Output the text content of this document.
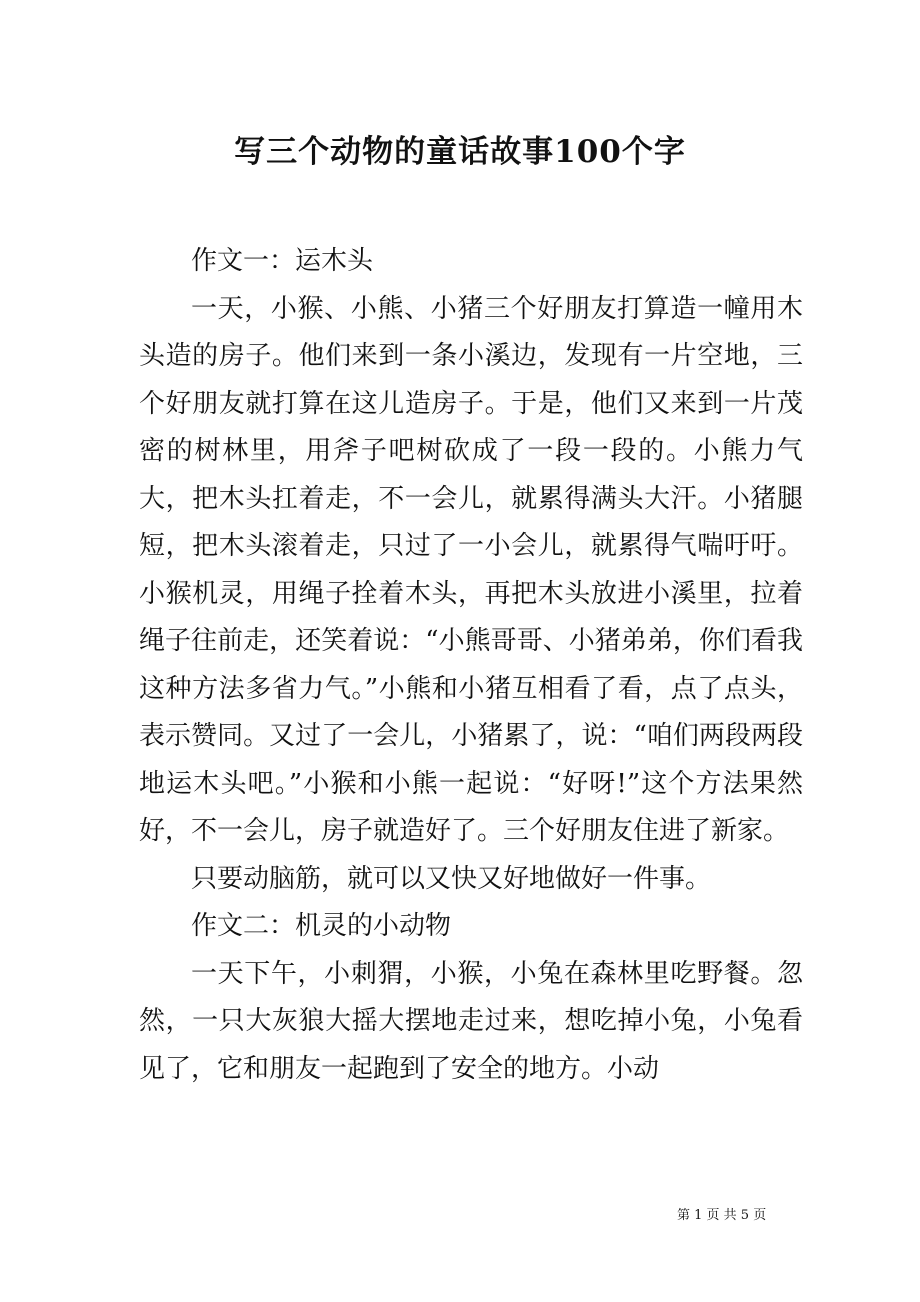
写三个动物的童话故事100个字

作文一：运木头

一天，小猴、小熊、小猪三个好朋友打算造一幢用木头造的房子。他们来到一条小溪边，发现有一片空地，三个好朋友就打算在这儿造房子。于是，他们又来到一片茂密的树林里，用斧子吧树砍成了一段一段的。小熊力气大，把木头扛着走，不一会儿，就累得满头大汗。小猪腿短，把木头滚着走，只过了一小会儿，就累得气喘吁吁。小猴机灵，用绳子拴着木头，再把木头放进小溪里，拉着绳子往前走，还笑着说：“小熊哥哥、小猪弟弟，你们看我这种方法多省力气。”小熊和小猪互相看了看，点了点头，表示赞同。又过了一会儿，小猪累了，说：“咱们两段两段地运木头吧。”小猴和小熊一起说：“好呀!”这个方法果然好，不一会儿，房子就造好了。三个好朋友住进了新家。

只要动脑筋，就可以又快又好地做好一件事。

作文二：机灵的小动物

一天下午，小刺猬，小猴，小兔在森林里吃野餐。忽然，一只大灰狼大摇大摆地走过来，想吃掉小兔，小兔看见了，它和朋友一起跑到了安全的地方。小动

第 1 页 共 5 页
